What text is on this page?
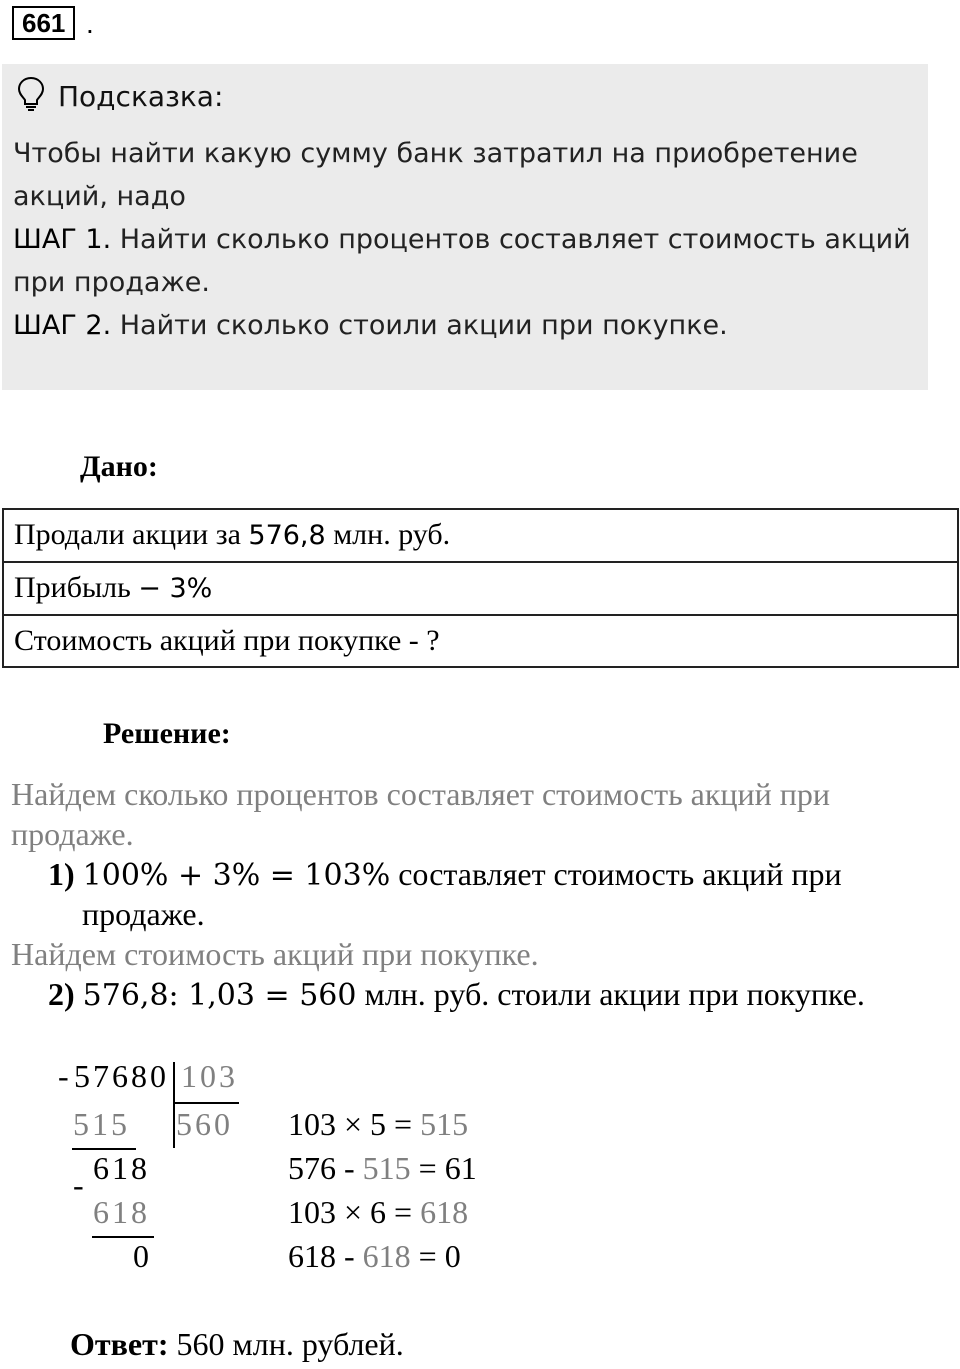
661 .
Подсказка:
Чтобы найти какую сумму банк затратил на приобретение
акций, надо
ШАГ 1. Найти сколько процентов составляет стоимость акций
при продаже.
ШАГ 2. Найти сколько стоили акции при покупке.
Дано:
Продали акции за 576,8 млн. руб.
Прибыль − 3%
Стоимость акций при покупке - ?
Решение:
Найдем сколько процентов составляет стоимость акций при
продаже.
1) 100% + 3% = 103% составляет стоимость акций при
продаже.
Найдем стоимость акций при покупке.
2) 576,8: 1,03 = 560 млн. руб. стоили акции при покупке.
- 57680 103
515 560
618
-
618
0
103 × 5 = 515
576 - 515 = 61
103 × 6 = 618
618 - 618 = 0
Ответ: 560 млн. рублей.
